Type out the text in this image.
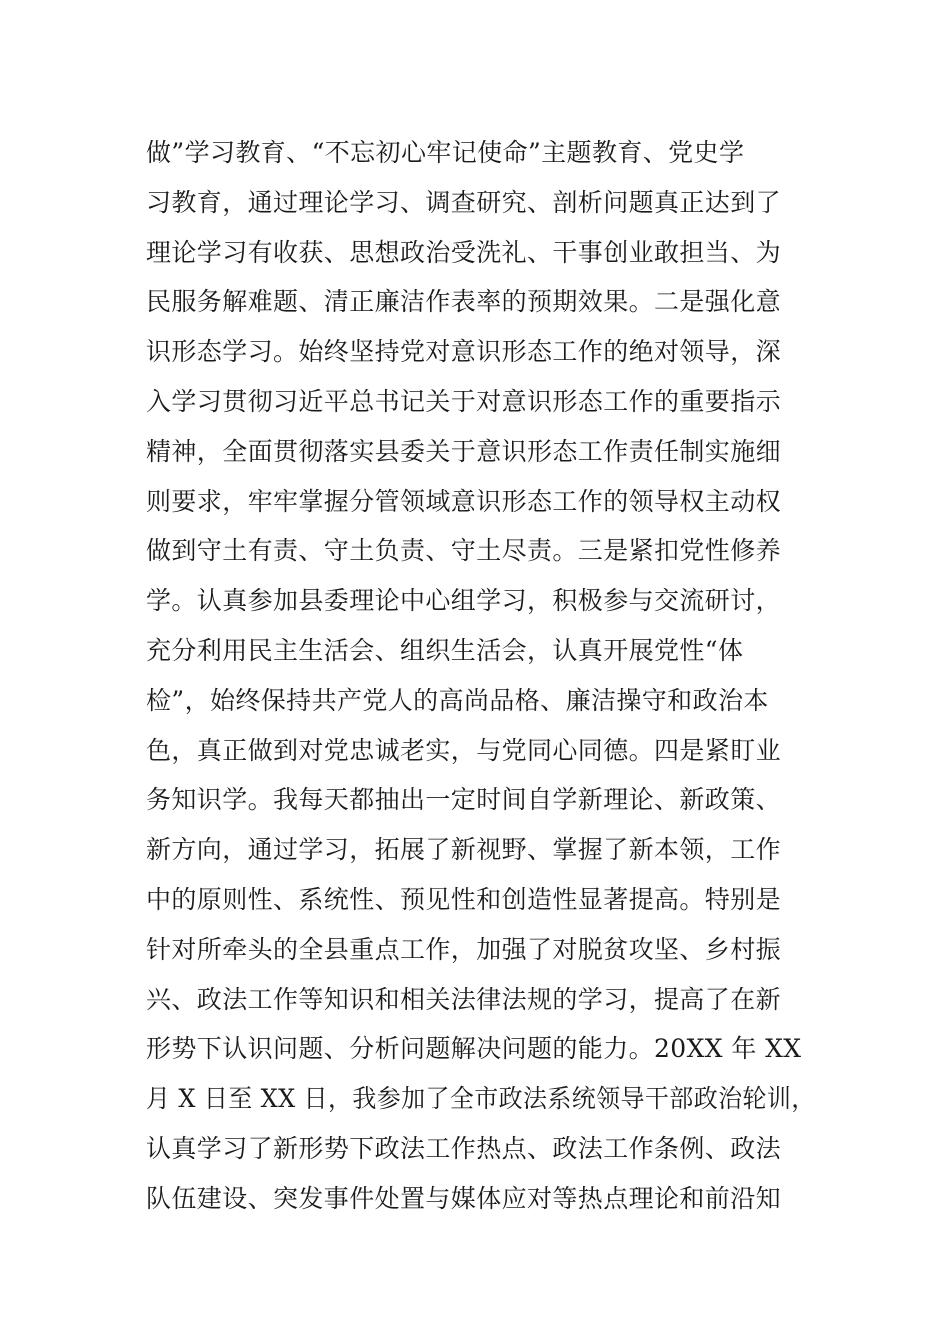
做”学习教育、“不忘初心牢记使命”主题教育、党史学
习教育，通过理论学习、调查研究、剖析问题真正达到了
理论学习有收获、思想政治受洗礼、干事创业敢担当、为
民服务解难题、清正廉洁作表率的预期效果。二是强化意
识形态学习。始终坚持党对意识形态工作的绝对领导，深
入学习贯彻习近平总书记关于对意识形态工作的重要指示
精神，全面贯彻落实县委关于意识形态工作责任制实施细
则要求，牢牢掌握分管领域意识形态工作的领导权主动权
做到守土有责、守土负责、守土尽责。三是紧扣党性修养
学。认真参加县委理论中心组学习，积极参与交流研讨，
充分利用民主生活会、组织生活会，认真开展党性“体
检”，始终保持共产党人的高尚品格、廉洁操守和政治本
色，真正做到对党忠诚老实，与党同心同德。四是紧盯业
务知识学。我每天都抽出一定时间自学新理论、新政策、
新方向，通过学习，拓展了新视野、掌握了新本领，工作
中的原则性、系统性、预见性和创造性显著提高。特别是
针对所牵头的全县重点工作，加强了对脱贫攻坚、乡村振
兴、政法工作等知识和相关法律法规的学习，提高了在新
形势下认识问题、分析问题解决问题的能力。20XX 年 XX
月 X 日至 XX 日，我参加了全市政法系统领导干部政治轮训，
认真学习了新形势下政法工作热点、政法工作条例、政法
队伍建设、突发事件处置与媒体应对等热点理论和前沿知
